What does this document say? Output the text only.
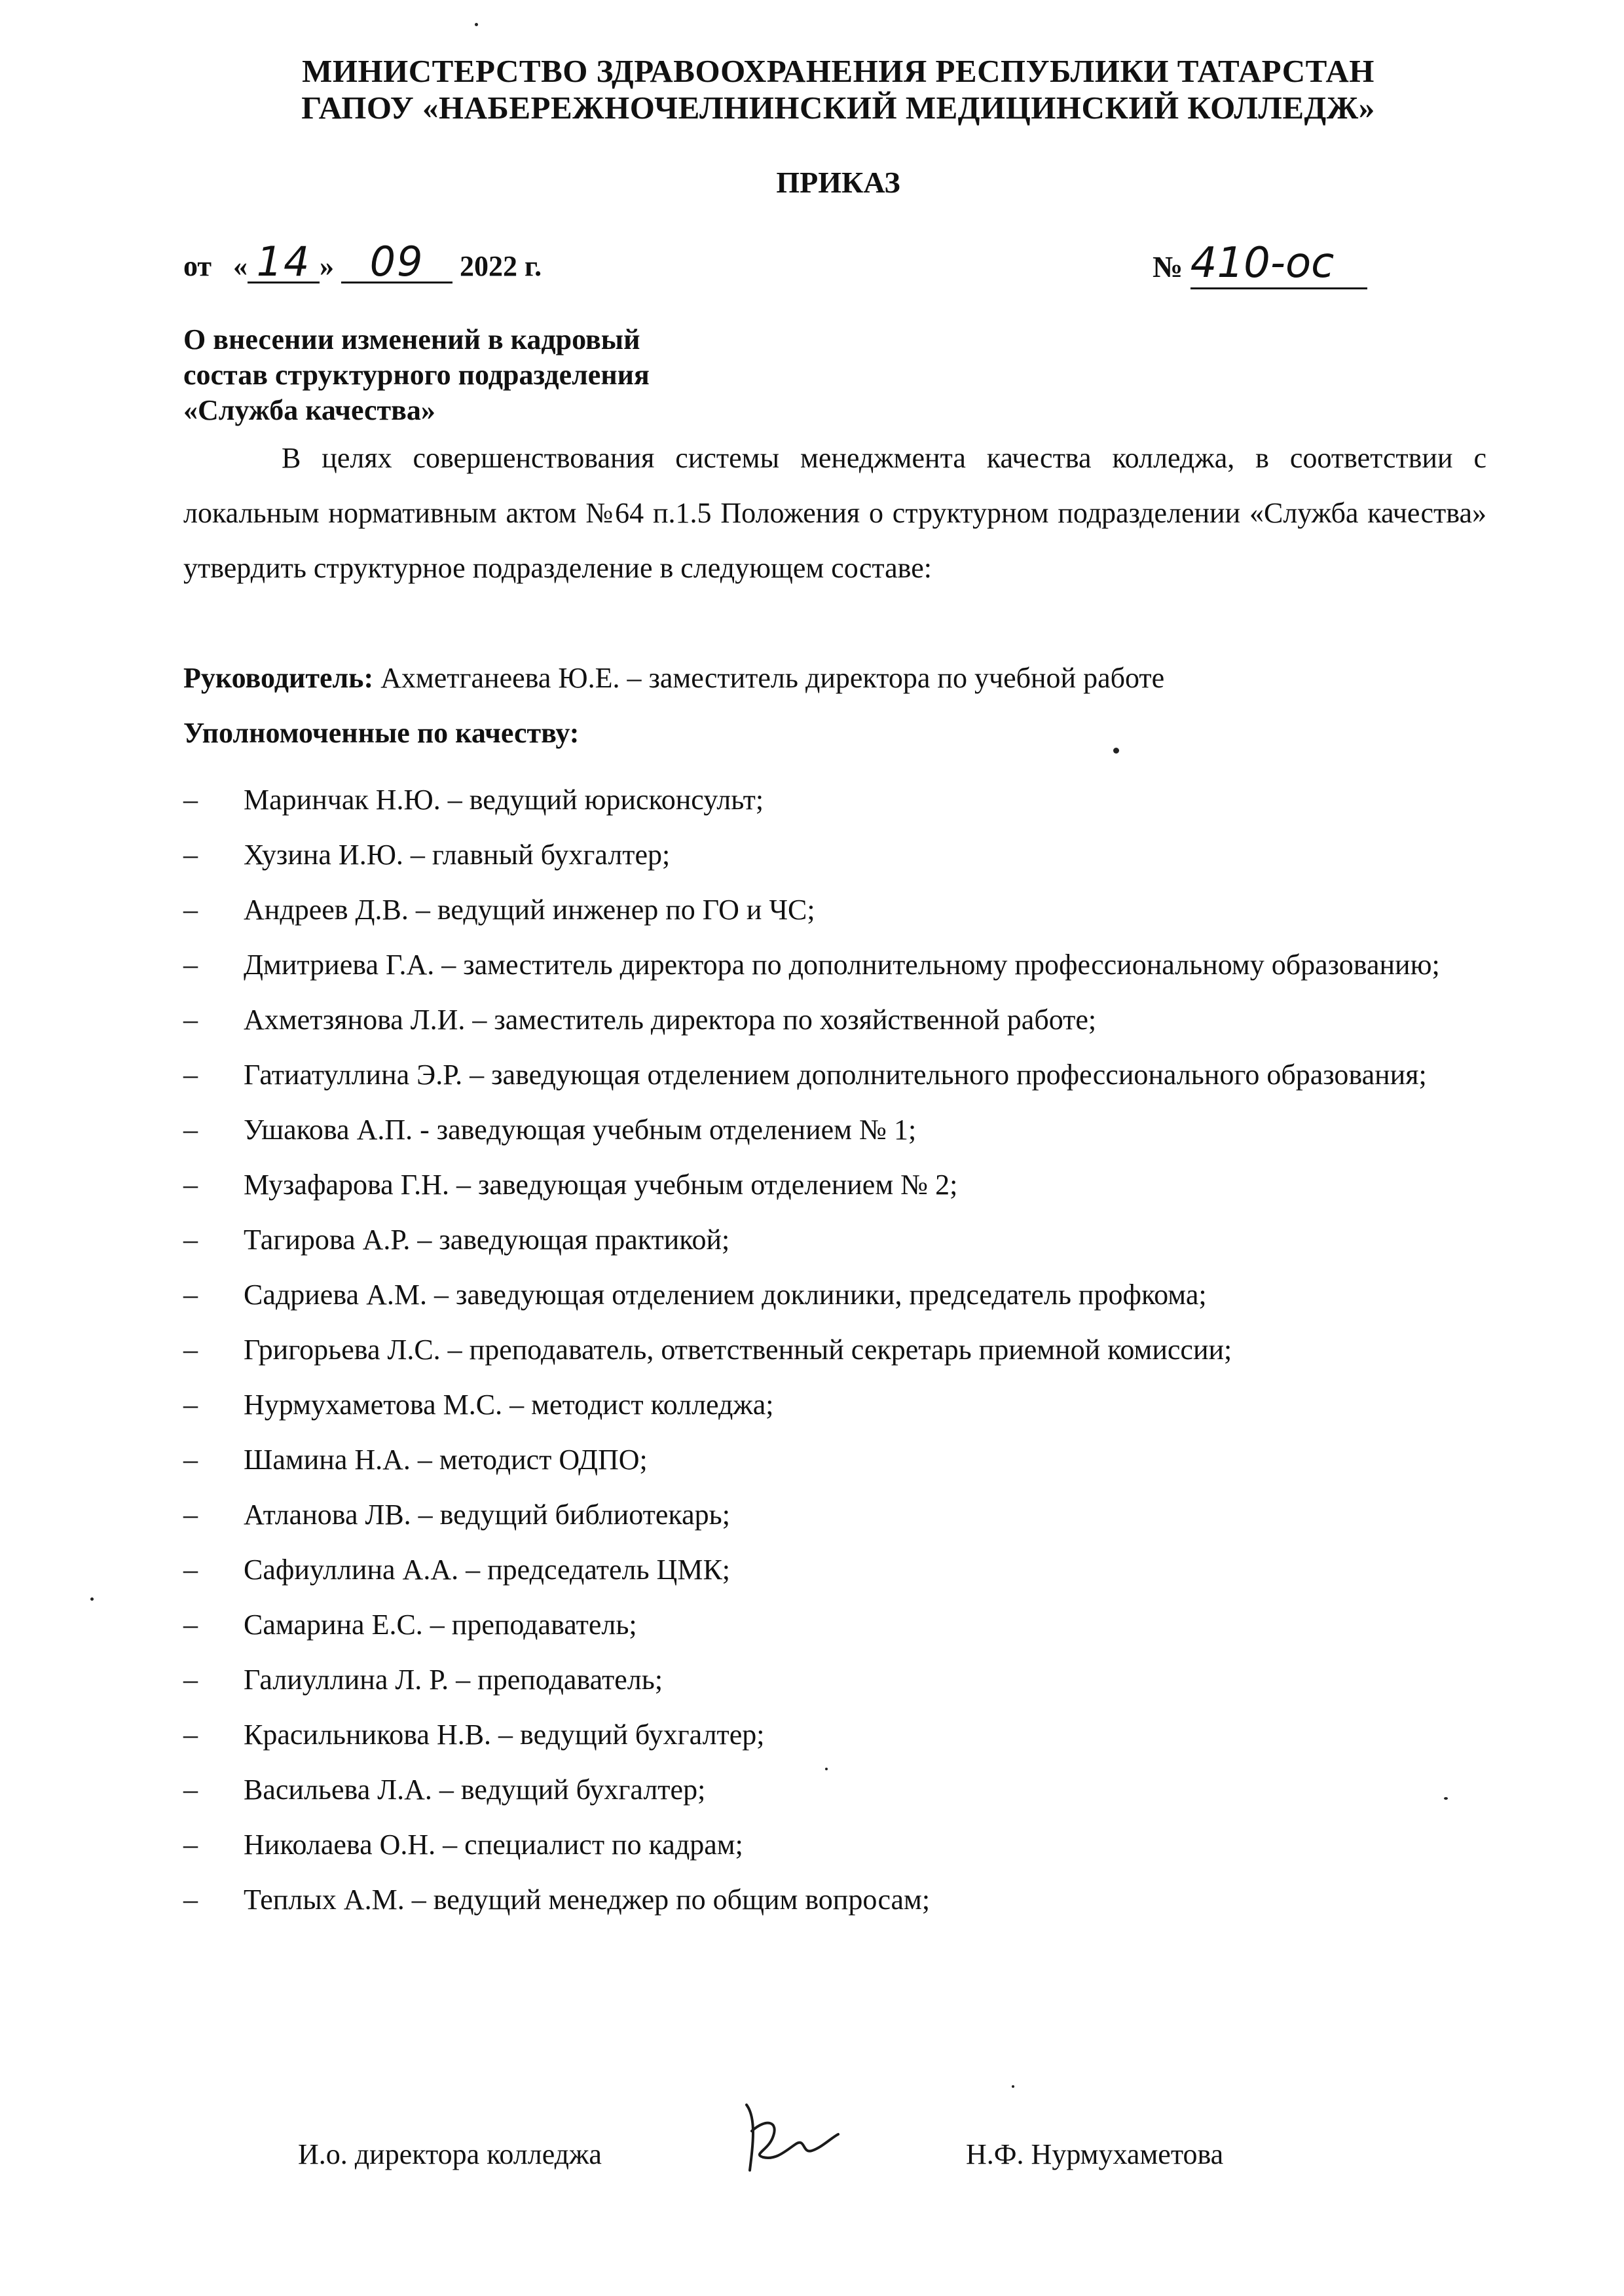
МИНИСТЕРСТВО ЗДРАВООХРАНЕНИЯ РЕСПУБЛИКИ ТАТАРСТАН
ГАПОУ «НАБЕРЕЖНОЧЕЛНИНСКИЙ МЕДИЦИНСКИЙ КОЛЛЕДЖ»
ПРИКАЗ
от « 14 » 09 2022 г.	№ 410-ос
О внесении изменений в кадровый
состав структурного подразделения
«Служба качества»
В целях совершенствования системы менеджмента качества колледжа, в соответствии с локальным нормативным актом №64 п.1.5 Положения о структурном подразделении «Служба качества» утвердить структурное подразделение в следующем составе:
Руководитель: Ахметганеева Ю.Е. – заместитель директора по учебной работе
Уполномоченные по качеству:
– Маринчак Н.Ю. – ведущий юрисконсульт;
– Хузина И.Ю. – главный бухгалтер;
– Андреев Д.В. – ведущий инженер по ГО и ЧС;
– Дмитриева Г.А. – заместитель директора по дополнительному профессиональному образованию;
– Ахметзянова Л.И. – заместитель директора по хозяйственной работе;
– Гатиатуллина Э.Р. – заведующая отделением дополнительного профессионального образования;
– Ушакова А.П. - заведующая учебным отделением № 1;
– Музафарова Г.Н. – заведующая учебным отделением № 2;
– Тагирова А.Р. – заведующая практикой;
– Садриева А.М. – заведующая отделением доклиники, председатель профкома;
– Григорьева Л.С. – преподаватель, ответственный секретарь приемной комиссии;
– Нурмухаметова М.С. – методист колледжа;
– Шамина Н.А. – методист ОДПО;
– Атланова ЛВ. – ведущий библиотекарь;
– Сафиуллина А.А. – председатель ЦМК;
– Самарина Е.С. – преподаватель;
– Галиуллина Л. Р. – преподаватель;
– Красильникова Н.В. – ведущий бухгалтер;
– Васильева Л.А. – ведущий бухгалтер;
– Николаева О.Н. – специалист по кадрам;
– Теплых А.М. – ведущий менеджер по общим вопросам;
И.о. директора колледжа	Н.Ф. Нурмухаметова
